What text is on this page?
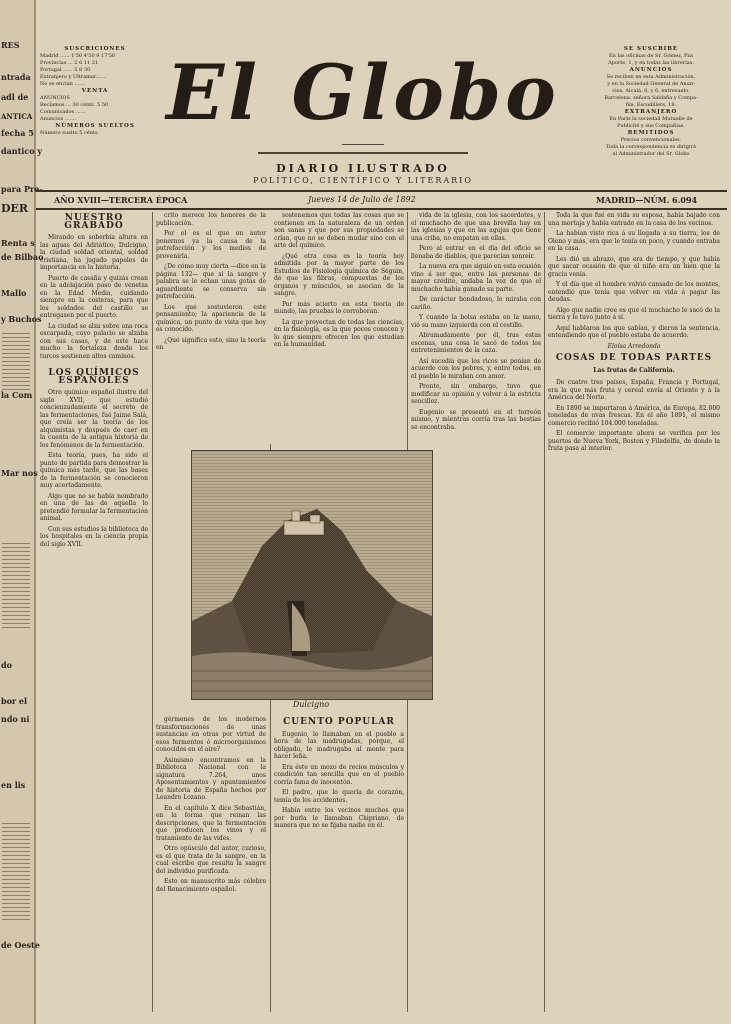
RES
ntrada
adl de
ANTICA
fecha 5
dantico y
para Pre-
DER
Renta s
de Bilbao
Mallo
y Buchos
la Com
Mar nos
do
bor el
ndo ni
en lis
de Oeste
SUSCRICIONES
Madrid ...... 1'50 4'50 9 17'50
Provincias ... 2 6 11 21
Portugal ...... 5 8 30
Extranjero y Ultramar.......
No se envian .......
VENTA
ANUNCIOS
Reclamos ... 30 cénts. 5 50
Comunicados ......
Anuncios .......
NÚMEROS SUELTOS
Número suelto 5 cénts. El Globo
DIARIO ILUSTRADO
POLÍTICO, CIENTÍFICO Y LITERARIO
SE SUSCRIBE
En las oficinas de Sr. Gómez, Pza
Aporte, 1, y en todas las librerías.
ANUNCIOS
Se reciben en esta Administración,
y en la Sociedad General de Anun-
cios, Alcalá, 8, y 6, entresuelo.
Barcelona: señora Saldaña y Compa-
ñía, Escudillers, 18.
EXTRANJERO
En París la sociedad Mutuelle de
Publicité y sus Compañías.
REMITIDOS
Precios convencionales.
Toda la correspondencia se dirigirá
al Administrador del Sr. Globo
AÑO XVIII—TERCERA ÉPOCA	Jueves 14 de Julio de 1892	MADRID—NÚM. 6.094
NUESTRO GRABADO

Mirando en soberbia altura en las aguas del Adriático, Dulcigno, la ciudad soldad oriental, soldad cristiana, ha jugado papeles de importancia en la historia.

Puerto de casaña y quizás crean en la adelajación paso de venetas en la Edad Media, cuidando siempre en la costeras, para que los soldados del castillo se entregasen por el puerto.

La ciudad se alza sobre una roca escarpada, cuyo palacio se alzaba con sus casas, y de este hace mucho la fortaleza donde los turcos sostienen altos caminos.

LOS QUÍMICOS ESPAÑOLES

Otro químico español ilustre del siglo XVII, que estudió concienzudamente el secreto de las fermentaciones, fué Jaime Salá, que creía ser la teoría de los alquimistas y después de caer en la cuenta de la antigua historia de los fenómenos de la fermentación.

Esta teoría, pues, ha sido el punto de partida para demostrar la química más tarde, que las bases de la fermentación se conocieron muy acertadamente.

Algo que no se había nombrado en una de las de aquella lo pretendió formular la fermentación animal.

Con sus estudios la biblioteca de los hospitales en la ciencia propia del siglo XVII.

crito merece los honores de la publicación.

Por el es el que en autor ponernos ya la causa de la putrefacción y los medios de prevenirla.

¿De cómo muy cierta —dice en la página 132— que si la sangre y palabra se le echan unas gotas de aguardiente se conserva sin putrefacción.

Los que sostuvieron este pensamiento; la apariencia de la química, un punto de vista que hoy es conocido.

¿Qué significa esto, sino la teoría en

sostenemos que todas las cosas que se contienen en la naturaleza de un orden son sanas y que por sus propiedades se crían, que no se deben mudar sino con el arte del químico.

¿Qué otra cosa es la teoría hoy admitida por la mayor parte de los Estudios de Fisiología química de Séguin, de que las fibras, compuestas de los órganos y músculos, se asocian de la sangre.

Por más acierto en esta teoría de mundo, las pruebas lo corroboran.

La que proyectan de todas las ciencias, en la fisiología, es la que pocos conocen y lo que siempre ofrecen los que estudian en la humanidad.

Dulcigno

gérmenes de los modernos transformaciones de unas sustancias en otras por virtud de esos fermentos ó microorganismos conocidos en el aire?

Asimismo encontramos en la Biblioteca Nacional con la signatura 7.264, unos Aposentamientos y apuntamientos de historia de España hechos por Leandro Lozano.

En el capítulo X dice Sebastián, en la forma que reinan las descripciones, que la fermentación que producen los vinos y el tratamiento de las vides.

Otro opúsculo del autor, curioso, es el que trata de la sangre, en la cual escribe que resulta la sangre del individuo purificada.

Esto en manuscrito más célebre del Renacimiento español.

CUENTO POPULAR

Eugenio, le llamaban en el pueblo a hora de las madrugadas, porque, el obligado, le madrugaba al monte para hacer leña.

Era éste un mozo de recios músculos y condición tan sencilla que en el pueblo corría fama de inocentón.

El padre, que lo quería de corazón, temía de los accidentes.

Había entre los vecinos muchos que por burla le llamaban Chipriano, de manera que no se fijaba nadie en él.

vida de la iglesia, con los sacerdotes, y el muchacho de que una brevilla hay en las iglesias y que en las agujas que tiene una criba, no empatan en ellas.

Pero al entrar en el día del oficio se llenaba de diablos, que parecían sonreír.

La nueva era que siguió en esta ocasión vino á ser que, entre las personas de mayor crédito, andaba la voz de que el muchacho había ganado su parte.

De carácter bondadoso, lo miraba con cariño.

Y cuando la bolsa estaba en la mano, vió su mano izquierda con el cestillo.

Abrumadamente por él, tras estas escenas, una cosa le sacó de todos los entretenimientos de la caza.

Así sucedía que los ricos se ponían de acuerdo con los pobres, y, entre todos, en el pueblo le miraban con amor.

Pronto, sin embargo, tuvo que modificar su opinión y volver á la estricta sencillez.

Eugenio se presentó en el torreón mismo, y mientras corría tras las bestias se encontraba.

Toda la que fué en vida su esposa, había bajado con una mortaja y había entrado en la casa de los vecinos.

La habían visto rica á su llegada á su tierra, los de Oleno y más, era que le tenía en poco, y cuando entraba en la casa.

Les dió un abrazo, que era de tiempo, y que había que sacar ocasión de que el niño era un bien que la gracia venía.

Y el día que el hombre volvió cansado de los montes, entendió que tenía que volver en vida á pagar las deudas.

Algo que nadie cree es que el muchacho le sacó de la tierra y le tuvo junto á sí.

Aquí hablaron los que sabían, y dieron la sentencia, entendiendo que el pueblo estaba de acuerdo.

Eloísa Arredonda
COSAS DE TODAS PARTES
Las frutas de California.

De cuatro tres países, España, Francia y Portugal, era la que más fruta y cereal envía al Oriente y á la América del Norte.

En 1890 se importaron á América, de Europa, 82.000 toneladas de uvas frescas. En el año 1891, el mismo comercio recibió 104.000 toneladas.

El comercio importante ahora se verifica por los puertos de Nueva York, Boston y Filadelfia, de donde la fruta pasa al interior.
